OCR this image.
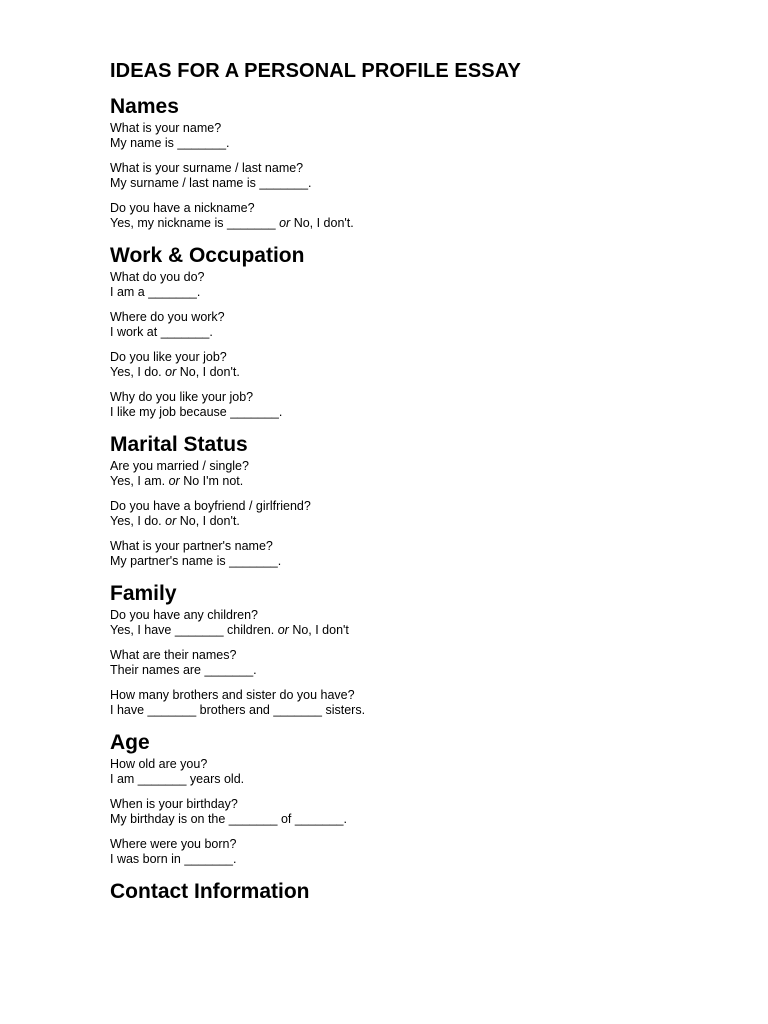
IDEAS FOR A PERSONAL PROFILE ESSAY
Names

What is your name?
My name is _______.

What is your surname / last name?
My surname / last name is _______.

Do you have a nickname?
Yes, my nickname is _______ or No, I don't.

Work & Occupation

What do you do?
I am a _______.

Where do you work?
I work at _______.

Do you like your job?
Yes, I do. or No, I don't.

Why do you like your job?
I like my job because _______.

Marital Status

Are you married / single?
Yes, I am. or No I'm not.

Do you have a boyfriend / girlfriend?
Yes, I do. or No, I don't.

What is your partner's name?
My partner's name is _______.

Family

Do you have any children?
Yes, I have _______ children. or No, I don't

What are their names?
Their names are _______.

How many brothers and sister do you have?
I have _______ brothers and _______ sisters.

Age

How old are you?
I am _______ years old.

When is your birthday?
My birthday is on the _______ of _______.

Where were you born?
I was born in _______.

Contact Information
